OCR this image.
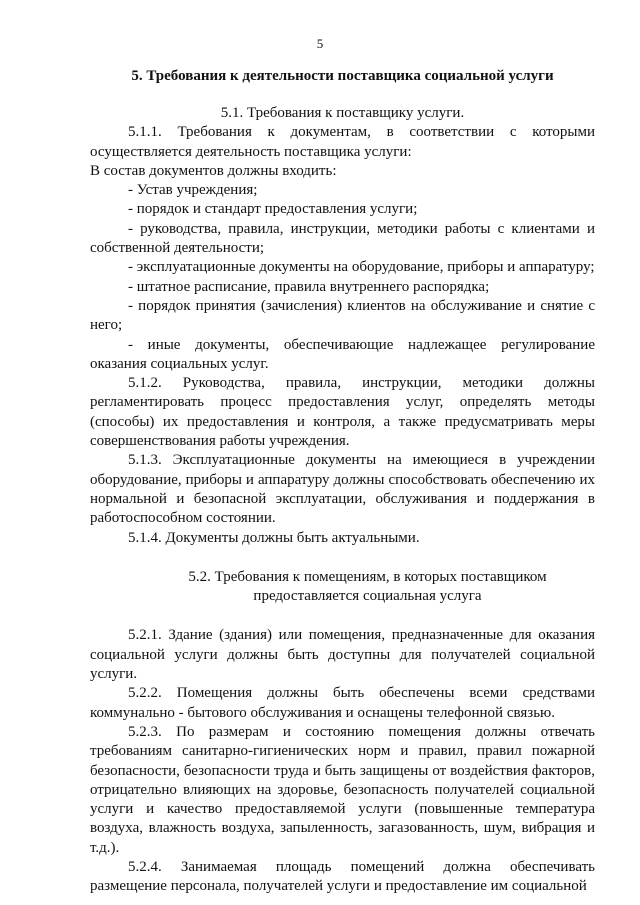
5
5. Требования к деятельности поставщика социальной услуги

5.1. Требования к поставщику услуги.

5.1.1. Требования к документам, в соответствии с которыми осуществляется деятельность поставщика услуги:

В состав документов должны входить:

- Устав учреждения;

- порядок и стандарт предоставления услуги;

- руководства, правила, инструкции, методики работы с клиентами и собственной деятельности;

- эксплуатационные документы на оборудование, приборы и аппаратуру;

- штатное расписание, правила внутреннего распорядка;

- порядок принятия (зачисления) клиентов на обслуживание и снятие с него;

- иные документы, обеспечивающие надлежащее регулирование оказания социальных услуг.

5.1.2. Руководства, правила, инструкции, методики должны регламентировать процесс предоставления услуг, определять методы (способы) их предоставления и контроля, а также предусматривать меры совершенствования работы учреждения.

5.1.3. Эксплуатационные документы на имеющиеся в учреждении оборудование, приборы и аппаратуру должны способствовать обеспечению их нормальной и безопасной эксплуатации, обслуживания и поддержания в работоспособном состоянии.

5.1.4. Документы должны быть актуальными.

5.2. Требования к помещениям, в которых поставщиком
предоставляется социальная услуга

5.2.1. Здание (здания) или помещения, предназначенные для оказания социальной услуги должны быть доступны для получателей социальной услуги.

5.2.2. Помещения должны быть обеспечены всеми средствами коммунально - бытового обслуживания и оснащены телефонной связью.

5.2.3. По размерам и состоянию помещения должны отвечать требованиям санитарно-гигиенических норм и правил, правил пожарной безопасности, безопасности труда и быть защищены от воздействия факторов, отрицательно влияющих на здоровье, безопасность получателей социальной услуги и качество предоставляемой услуги (повышенные температура воздуха, влажность воздуха, запыленность, загазованность, шум, вибрация и т.д.).

5.2.4. Занимаемая площадь помещений должна обеспечивать размещение персонала, получателей услуги и предоставление им социальной
